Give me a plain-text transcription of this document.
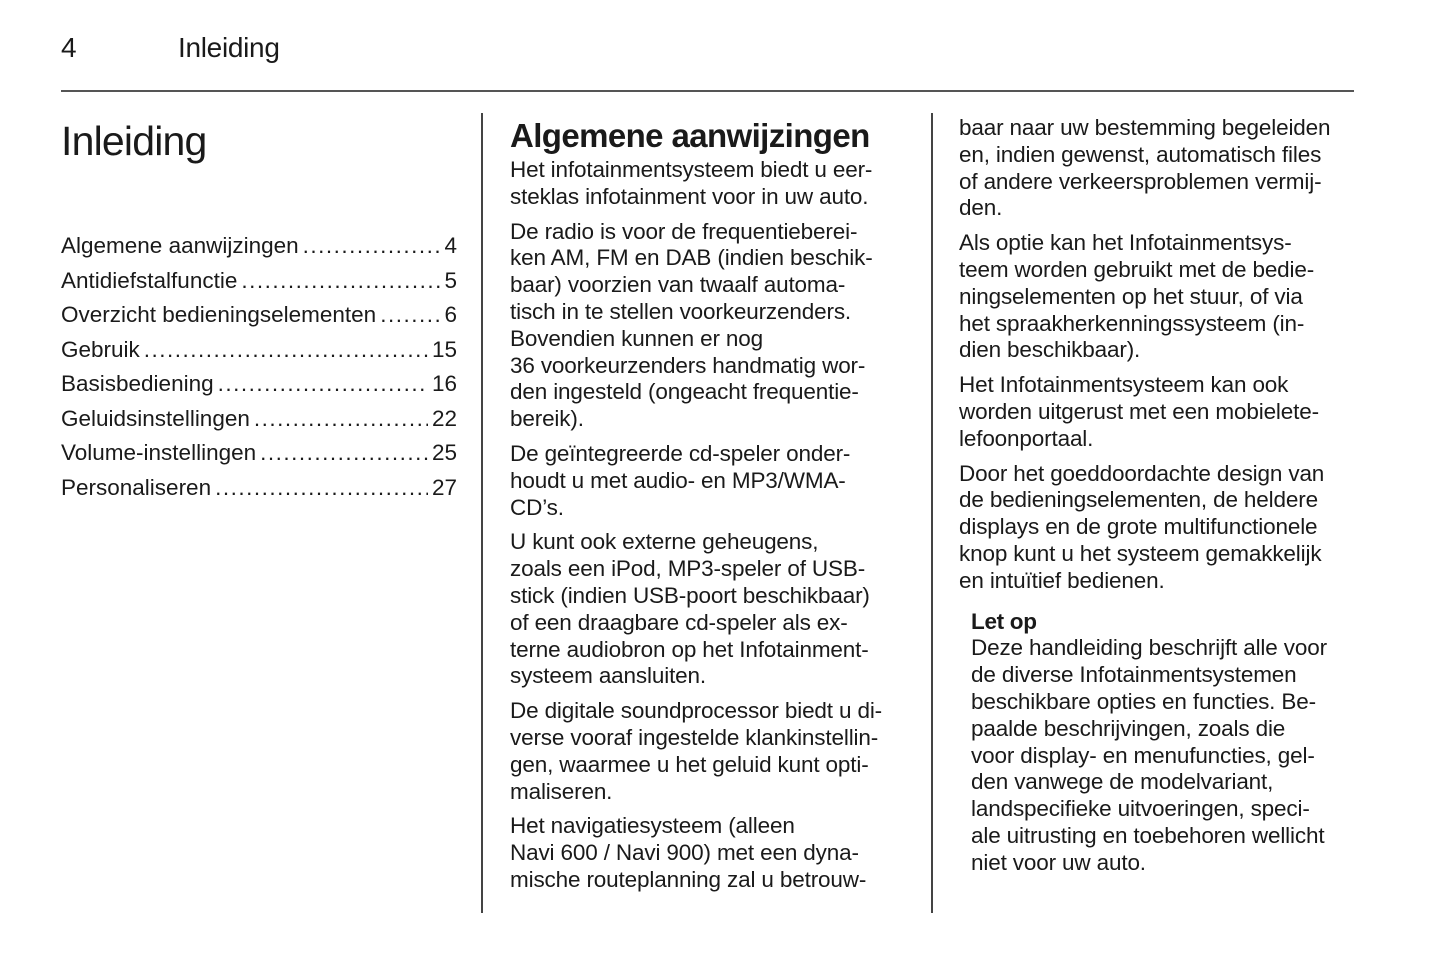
4	Inleiding
Inleiding
Algemene aanwijzingen .....	4
Antidiefstalfunctie .....	5
Overzicht bedieningselementen .....	6
Gebruik .....	15
Basisbediening .....	16
Geluidsinstellingen .....	22
Volume-instellingen .....	25
Personaliseren .....	27
Algemene aanwijzingen

Het infotainmentsysteem biedt u eer-
steklas infotainment voor in uw auto.

De radio is voor de frequentieberei-
ken AM, FM en DAB (indien beschik-
baar) voorzien van twaalf automa-
tisch in te stellen voorkeurzenders.
Bovendien kunnen er nog
36 voorkeurzenders handmatig wor-
den ingesteld (ongeacht frequentie-
bereik).

De geïntegreerde cd-speler onder-
houdt u met audio- en MP3/WMA-
CD’s.

U kunt ook externe geheugens,
zoals een iPod, MP3-speler of USB-
stick (indien USB-poort beschikbaar)
of een draagbare cd-speler als ex-
terne audiobron op het Infotainment-
systeem aansluiten.

De digitale soundprocessor biedt u di-
verse vooraf ingestelde klankinstellin-
gen, waarmee u het geluid kunt opti-
maliseren.

Het navigatiesysteem (alleen
Navi 600 / Navi 900) met een dyna-
mische routeplanning zal u betrouw-

baar naar uw bestemming begeleiden
en, indien gewenst, automatisch files
of andere verkeersproblemen vermij-
den.

Als optie kan het Infotainmentsys-
teem worden gebruikt met de bedie-
ningselementen op het stuur, of via
het spraakherkenningssysteem (in-
dien beschikbaar).

Het Infotainmentsysteem kan ook
worden uitgerust met een mobielete-
lefoonportaal.

Door het goeddoordachte design van
de bedieningselementen, de heldere
displays en de grote multifunctionele
knop kunt u het systeem gemakkelijk
en intuïtief bedienen.

Let op
Deze handleiding beschrijft alle voor
de diverse Infotainmentsystemen
beschikbare opties en functies. Be-
paalde beschrijvingen, zoals die
voor display- en menufuncties, gel-
den vanwege de modelvariant,
landspecifieke uitvoeringen, speci-
ale uitrusting en toebehoren wellicht
niet voor uw auto.
